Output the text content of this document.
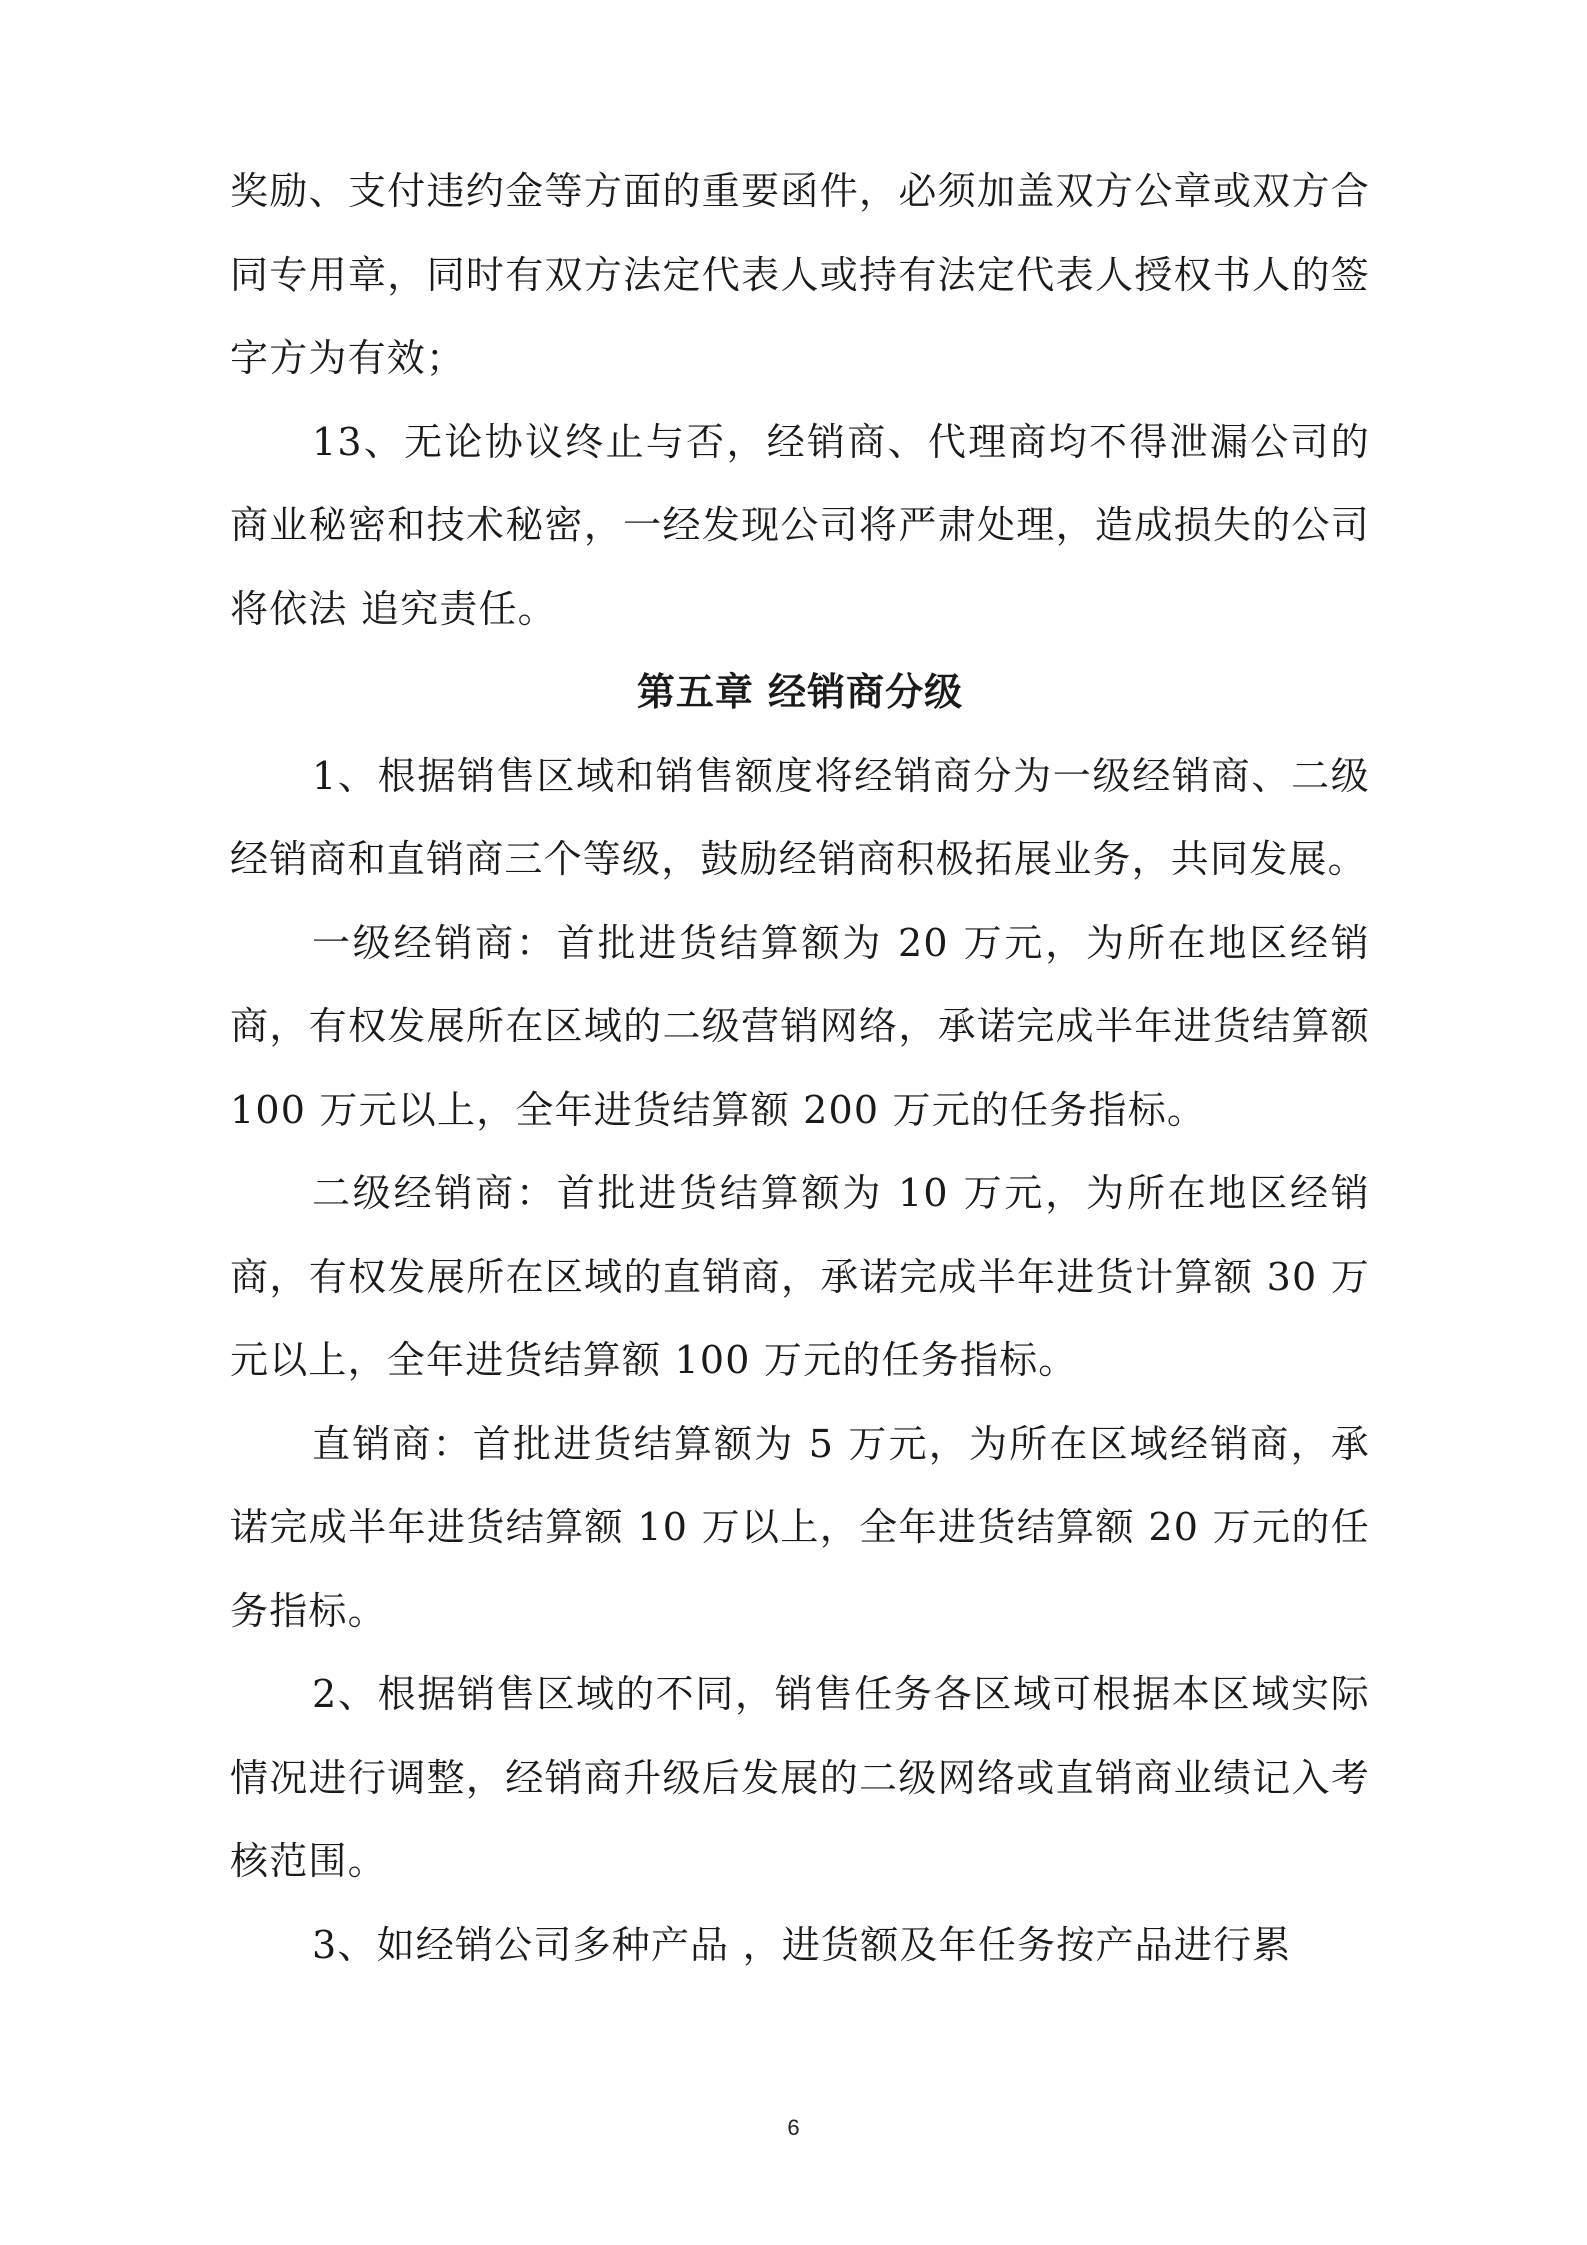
奖励、支付违约金等方面的重要函件，必须加盖双方公章或双方合同专用章，同时有双方法定代表人或持有法定代表人授权书人的签字方为有效；

13、无论协议终止与否，经销商、代理商均不得泄漏公司的商业秘密和技术秘密，一经发现公司将严肃处理，造成损失的公司将依法 追究责任。

第五章 经销商分级

1、根据销售区域和销售额度将经销商分为一级经销商、二级经销商和直销商三个等级，鼓励经销商积极拓展业务，共同发展。

一级经销商：首批进货结算额为 20 万元，为所在地区经销商，有权发展所在区域的二级营销网络，承诺完成半年进货结算额 100 万元以上，全年进货结算额 200 万元的任务指标。

二级经销商：首批进货结算额为 10 万元，为所在地区经销商，有权发展所在区域的直销商，承诺完成半年进货计算额 30 万元以上，全年进货结算额 100 万元的任务指标。

直销商：首批进货结算额为 5 万元，为所在区域经销商，承诺完成半年进货结算额 10 万以上，全年进货结算额 20 万元的任务指标。

2、根据销售区域的不同，销售任务各区域可根据本区域实际情况进行调整，经销商升级后发展的二级网络或直销商业绩记入考核范围。

3、如经销公司多种产品 ，进货额及年任务按产品进行累

6
